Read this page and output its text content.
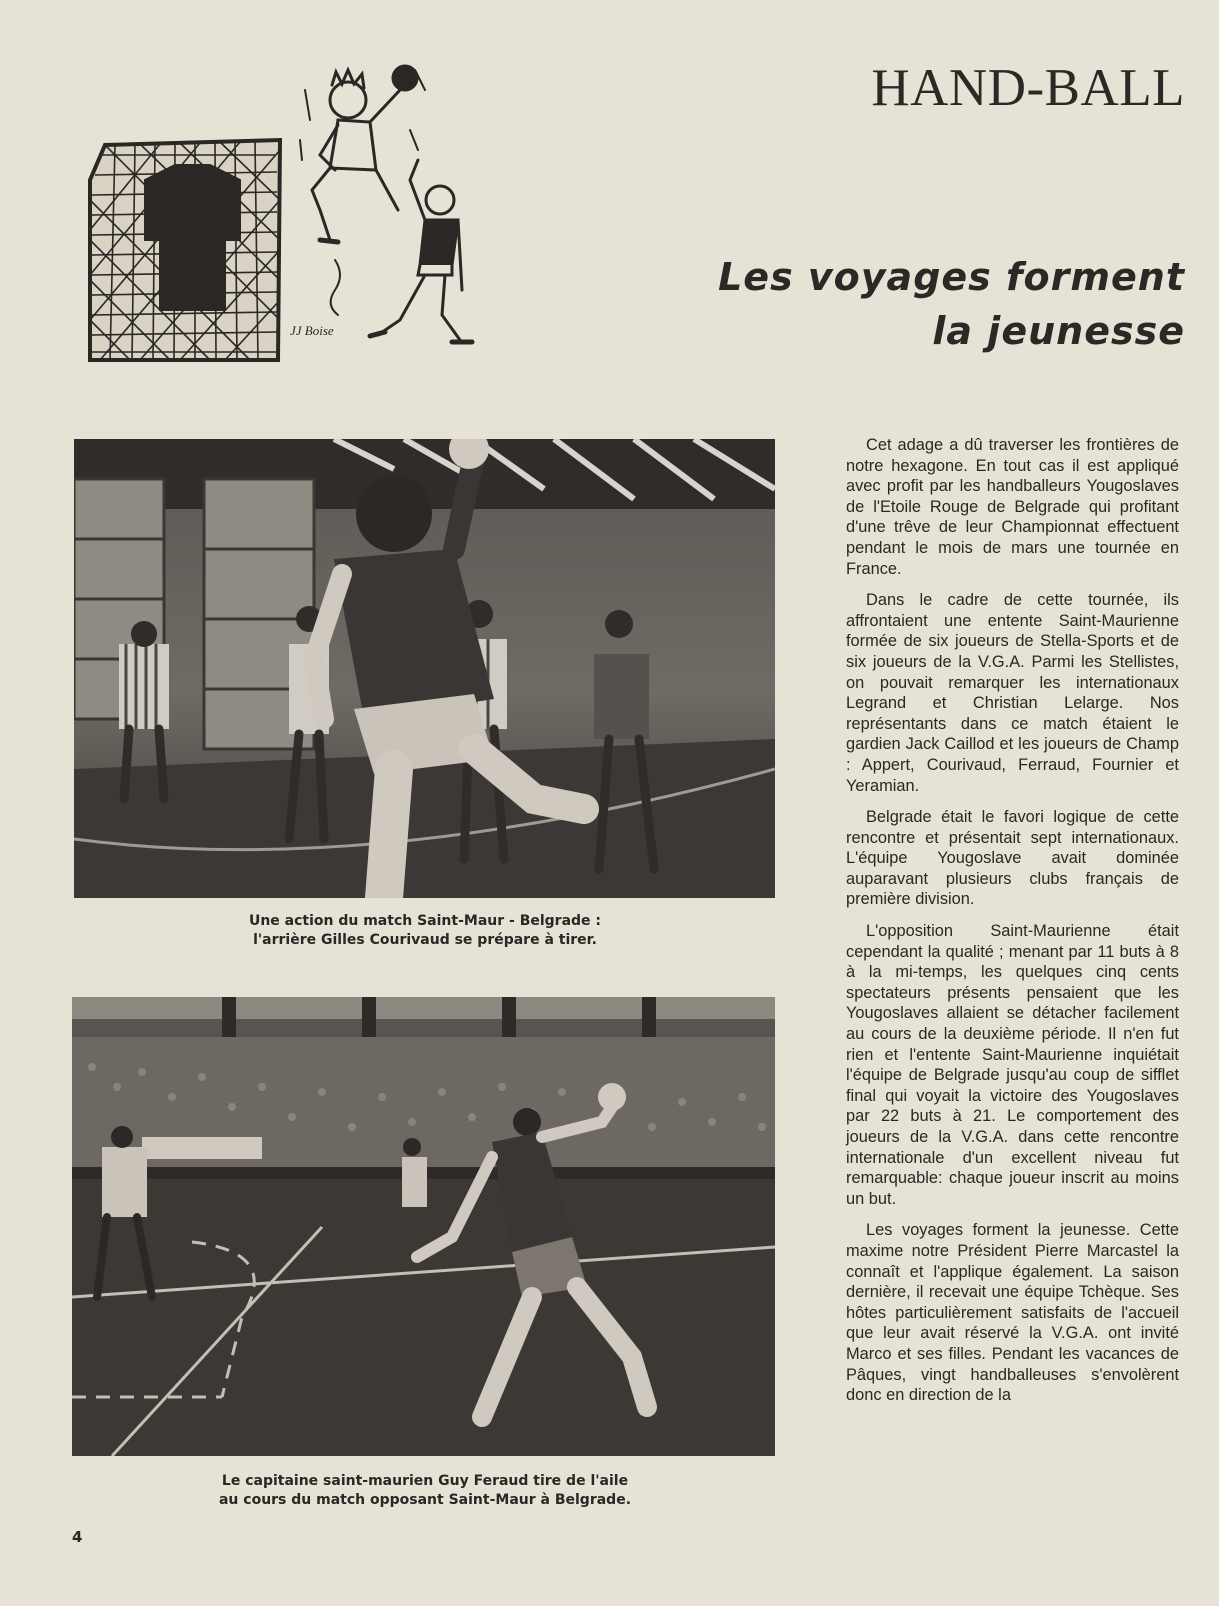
HAND-BALL
JJ Boise
Les voyages forment
la jeunesse
Une action du match Saint-Maur - Belgrade :
l'arrière Gilles Courivaud se prépare à tirer.
Le capitaine saint-maurien Guy Feraud tire de l'aile
au cours du match opposant Saint-Maur à Belgrade.

Cet adage a dû traverser les frontières de notre hexagone. En tout cas il est appliqué avec profit par les handballeurs Yougoslaves de l'Etoile Rouge de Belgrade qui profitant d'une trêve de leur Championnat effectuent pendant le mois de mars une tournée en France.

Dans le cadre de cette tournée, ils affrontaient une entente Saint-Maurienne formée de six joueurs de Stella-Sports et de six joueurs de la V.G.A. Parmi les Stellistes, on pouvait remarquer les internationaux Legrand et Christian Lelarge. Nos représentants dans ce match étaient le gardien Jack Caillod et les joueurs de Champ : Appert, Courivaud, Ferraud, Fournier et Yeramian.

Belgrade était le favori logique de cette rencontre et présentait sept internationaux. L'équipe Yougoslave avait dominée auparavant plusieurs clubs français de première division.

L'opposition Saint-Maurienne était cependant la qualité ; menant par 11 buts à 8 à la mi-temps, les quelques cinq cents spectateurs présents pensaient que les Yougoslaves allaient se détacher facilement au cours de la deuxième période. Il n'en fut rien et l'entente Saint-Maurienne inquiétait l'équipe de Belgrade jusqu'au coup de sifflet final qui voyait la victoire des Yougoslaves par 22 buts à 21. Le comportement des joueurs de la V.G.A. dans cette rencontre internationale d'un excellent niveau fut remarquable: chaque joueur inscrit au moins un but.

Les voyages forment la jeunesse. Cette maxime notre Président Pierre Marcastel la connaît et l'applique également. La saison dernière, il recevait une équipe Tchèque. Ses hôtes particulièrement satisfaits de l'accueil que leur avait réservé la V.G.A. ont invité Marco et ses filles. Pendant les vacances de Pâques, vingt handballeuses s'envolèrent donc en direction de la

4
